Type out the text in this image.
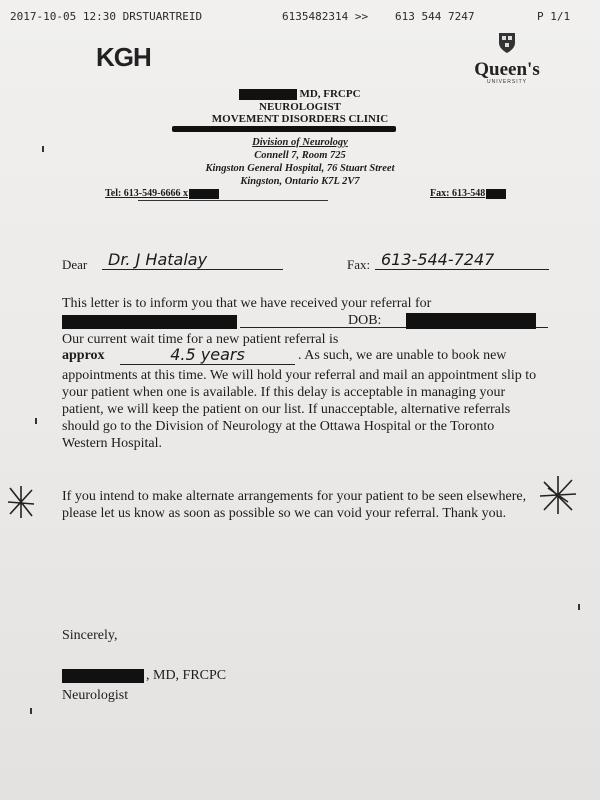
2017-10-05 12:30 DRSTUARTREID	6135482314 >> 613 544 7247	P 1/1
KGH	Queen's
UNIVERSITY
MD, FRCPC
NEUROLOGIST
MOVEMENT DISORDERS CLINIC
Division of Neurology
Connell 7, Room 725
Kingston General Hospital, 76 Stuart Street
Kingston, Ontario K7L 2V7
Tel: 613-549-6666 x	Fax: 613-548
Dear	Dr. J Hatalay	Fax: 613-544-7247
This letter is to inform you that we have received your referral for
DOB:
Our current wait time for a new patient referral is
approx	4.5 years	. As such, we are unable to book new
appointments at this time. We will hold your referral and mail an appointment slip to your patient when one is available. If this delay is acceptable in managing your patient, we will keep the patient on our list. If unacceptable, alternative referrals should go to the Division of Neurology at the Ottawa Hospital or the Toronto Western Hospital.
If you intend to make alternate arrangements for your patient to be seen elsewhere, please let us know as soon as possible so we can void your referral. Thank you.
Sincerely,
, MD, FRCPC
Neurologist
